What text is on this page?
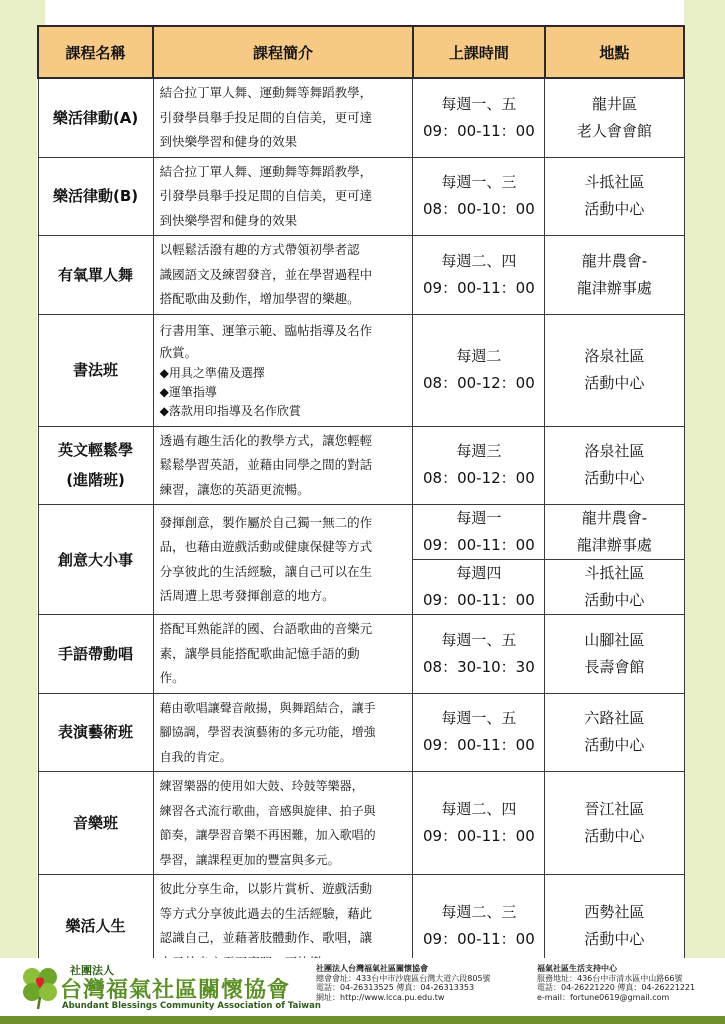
課程名稱	課程簡介	上課時間	地點

樂活律動(A)	結合拉丁單人舞、運動舞等舞蹈教學，
引發學員舉手投足間的自信美，更可達
到快樂學習和健身的效果	每週一、五
09：00-11：00	龍井區
老人會會館

樂活律動(B)	結合拉丁單人舞、運動舞等舞蹈教學，
引發學員舉手投足間的自信美，更可達
到快樂學習和健身的效果	每週一、三
08：00-10：00	斗抵社區
活動中心

有氧單人舞	以輕鬆活潑有趣的方式帶領初學者認
識國語文及練習發音，並在學習過程中
搭配歌曲及動作，增加學習的樂趣。	每週二、四
09：00-11：00	龍井農會-
龍津辦事處

書法班	行書用筆、運筆示範、臨帖指導及名作
欣賞。
◆用具之準備及選擇
◆運筆指導
◆落款用印指導及名作欣賞	每週二
08：00-12：00	洛泉社區
活動中心

英文輕鬆學
(進階班)	透過有趣生活化的教學方式，讓您輕輕
鬆鬆學習英語，並藉由同學之間的對話
練習，讓您的英語更流暢。	每週三
08：00-12：00	洛泉社區
活動中心

創意大小事	發揮創意，製作屬於自己獨一無二的作
品，也藉由遊戲活動或健康保健等方式
分享彼此的生活經驗，讓自己可以在生
活周遭上思考發揮創意的地方。	每週一
09：00-11：00	龍井農會-
龍津辦事處

		每週四
09：00-11：00	斗抵社區
活動中心

手語帶動唱	搭配耳熟能詳的國、台語歌曲的音樂元
素，讓學員能搭配歌曲記憶手語的動
作。	每週一、五
08：30-10：30	山腳社區
長壽會館

表演藝術班	藉由歌唱讓聲音敞揚，與舞蹈結合，讓手
腳協調，學習表演藝術的多元功能，增強
自我的肯定。	每週一、五
09：00-11：00	六路社區
活動中心

音樂班	練習樂器的使用如大鼓、玲鼓等樂器，
練習各式流行歌曲，音感與旋律、拍子與
節奏，讓學習音樂不再困難，加入歌唱的
學習，讓課程更加的豐富與多元。	每週二、四
09：00-11：00	晉江社區
活動中心

樂活人生	彼此分享生命，以影片賞析、遊戲活動
等方式分享彼此過去的生活經驗，藉此
認識自己，並藉著肢體動作、歌唱，讓	每週二、三
09：00-11：00	西勢社區
活動中心
社團法人
台灣福氣社區關懷協會
Abundant Blessings Community Association of Taiwan
社團法人台灣福氣社區關懷協會
總會會址：433台中市沙鹿區台灣大道六段805號
電話：04-26313525 傳真：04-26313353
網址：http://www.lcca.pu.edu.tw
福氣社區生活支持中心
服務地址：436台中市清水區中山路66號
電話：04-26221220 傳真：04-26221221
e-mail：fortune0619@gmail.com
